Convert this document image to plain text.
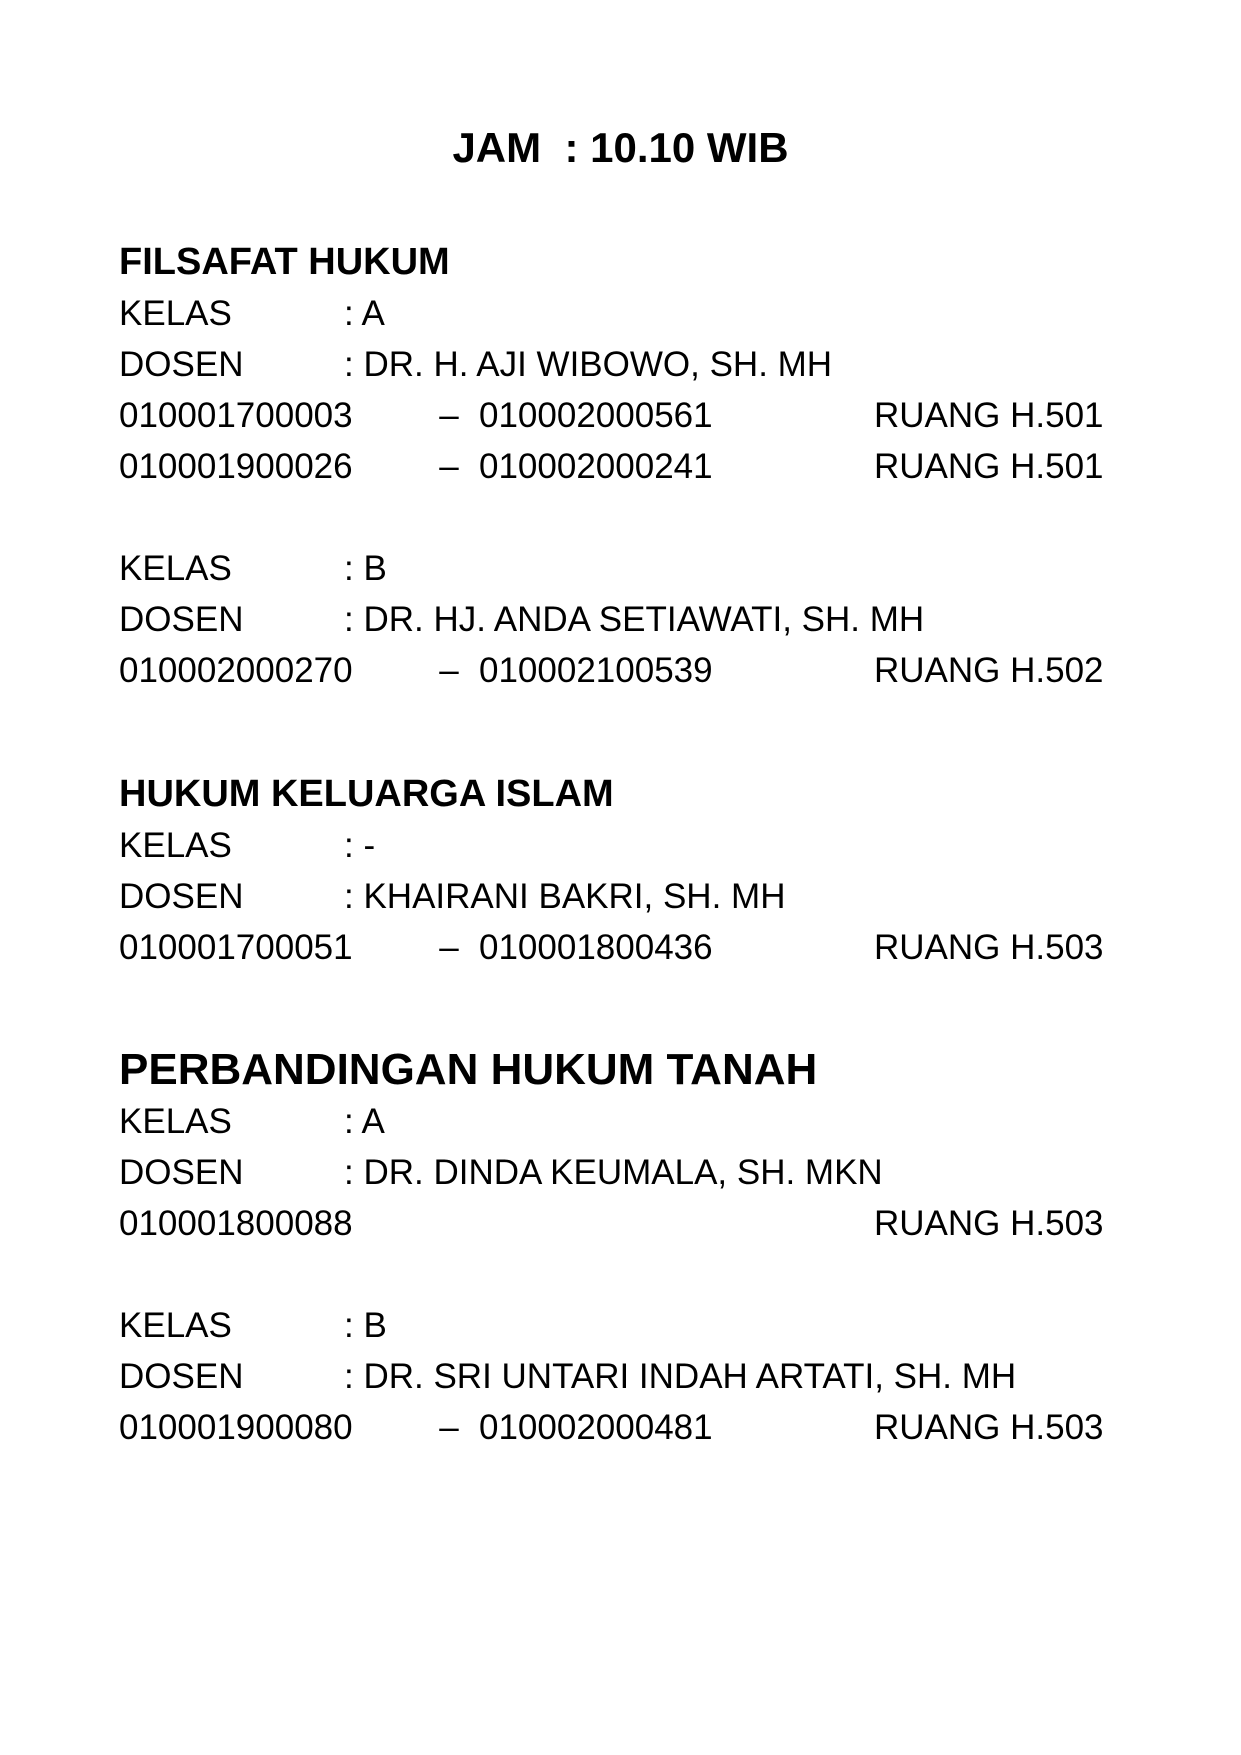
JAM  : 10.10 WIB
FILSAFAT HUKUM
KELAS	: A
DOSEN	: DR. H. AJI WIBOWO, SH. MH
010001700003	– 010002000561	RUANG H.501
010001900026	– 010002000241	RUANG H.501
KELAS	: B
DOSEN	: DR. HJ. ANDA SETIAWATI, SH. MH
010002000270	– 010002100539	RUANG H.502
HUKUM KELUARGA ISLAM
KELAS	: -
DOSEN	: KHAIRANI BAKRI, SH. MH
010001700051	– 010001800436	RUANG H.503
PERBANDINGAN HUKUM TANAH
KELAS	: A
DOSEN	: DR. DINDA KEUMALA, SH. MKN
010001800088	RUANG H.503
KELAS	: B
DOSEN	: DR. SRI UNTARI INDAH ARTATI, SH. MH
010001900080	– 010002000481	RUANG H.503
